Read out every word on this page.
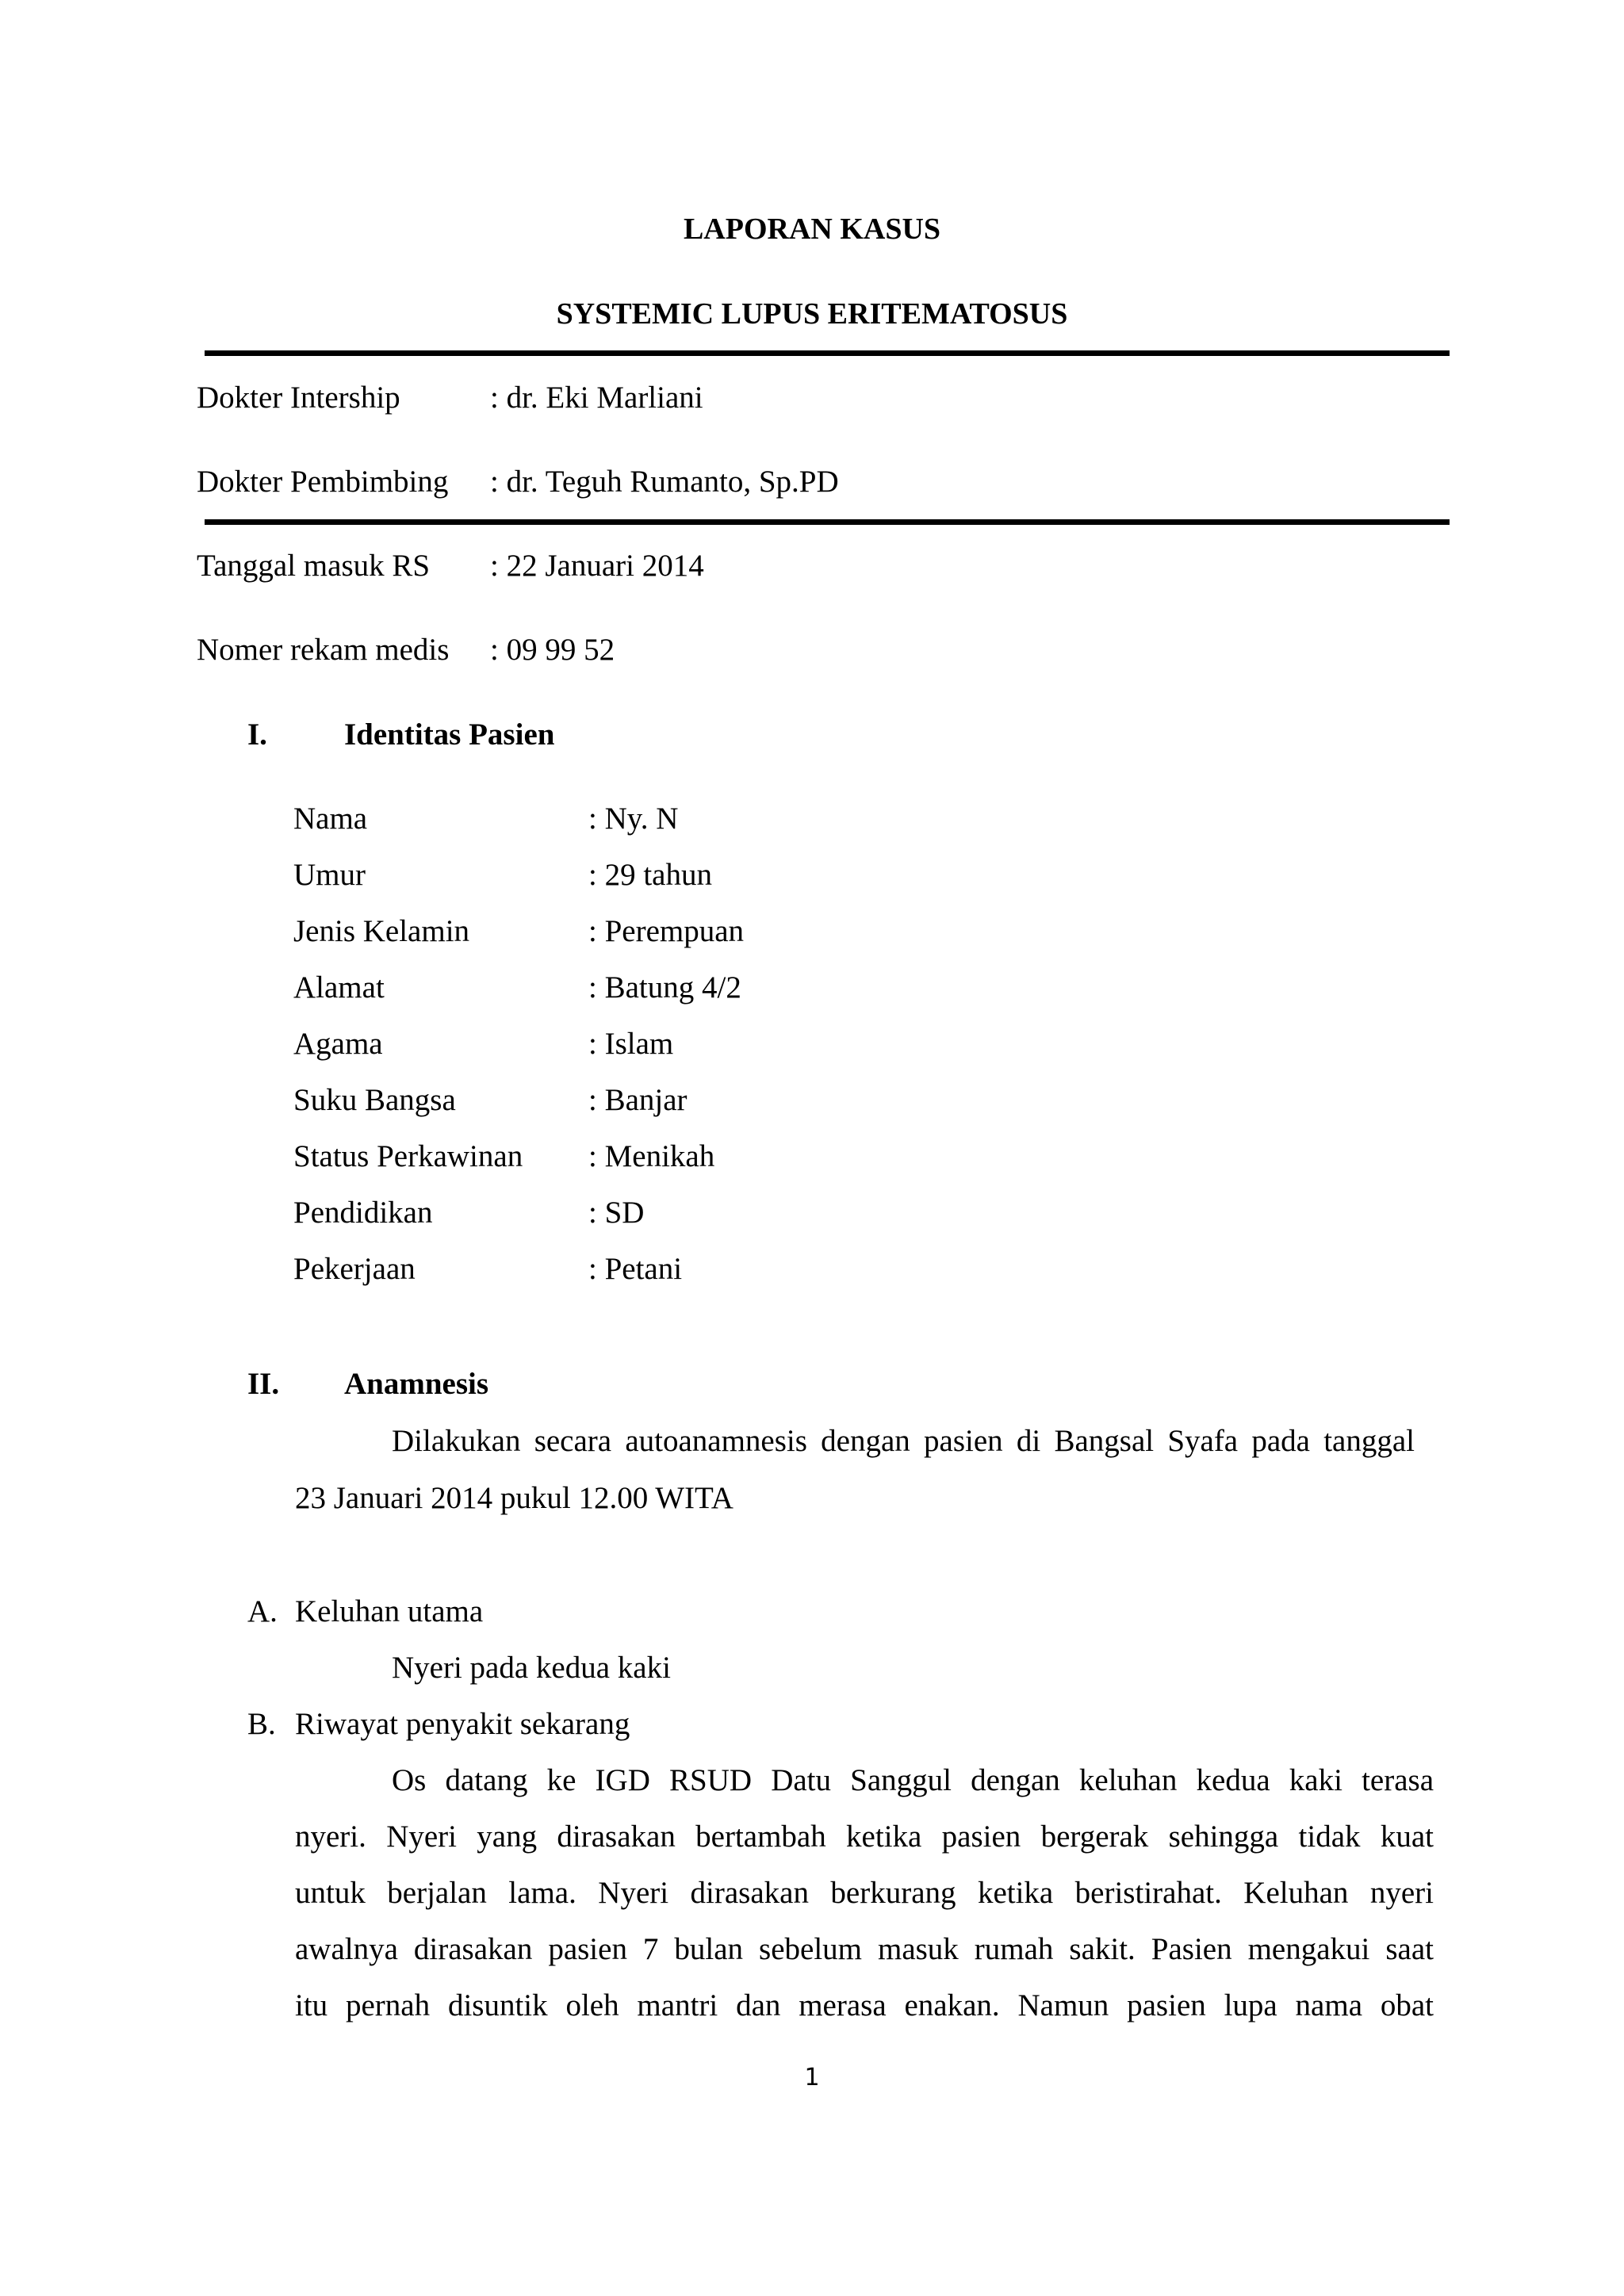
LAPORAN KASUS
SYSTEMIC LUPUS ERITEMATOSUS
Dokter Intership	: dr. Eki Marliani
Dokter Pembimbing : dr. Teguh Rumanto, Sp.PD
Tanggal masuk RS : 22 Januari 2014
Nomer rekam medis : 09 99 52
I. Identitas Pasien
Nama	: Ny. N
Umur	: 29 tahun
Jenis Kelamin	: Perempuan
Alamat	: Batung 4/2
Agama	: Islam
Suku Bangsa	: Banjar
Status Perkawinan : Menikah
Pendidikan	: SD
Pekerjaan	: Petani
II. Anamnesis
Dilakukan secara autoanamnesis dengan pasien di Bangsal Syafa pada tanggal
23 Januari 2014 pukul 12.00 WITA
A. Keluhan utama
Nyeri pada kedua kaki
B. Riwayat penyakit sekarang
Os datang ke IGD RSUD Datu Sanggul dengan keluhan kedua kaki terasa
nyeri. Nyeri yang dirasakan bertambah ketika pasien bergerak sehingga tidak kuat
untuk berjalan lama. Nyeri dirasakan berkurang ketika beristirahat. Keluhan nyeri
awalnya dirasakan pasien 7 bulan sebelum masuk rumah sakit. Pasien mengakui saat
itu pernah disuntik oleh mantri dan merasa enakan. Namun pasien lupa nama obat
1
